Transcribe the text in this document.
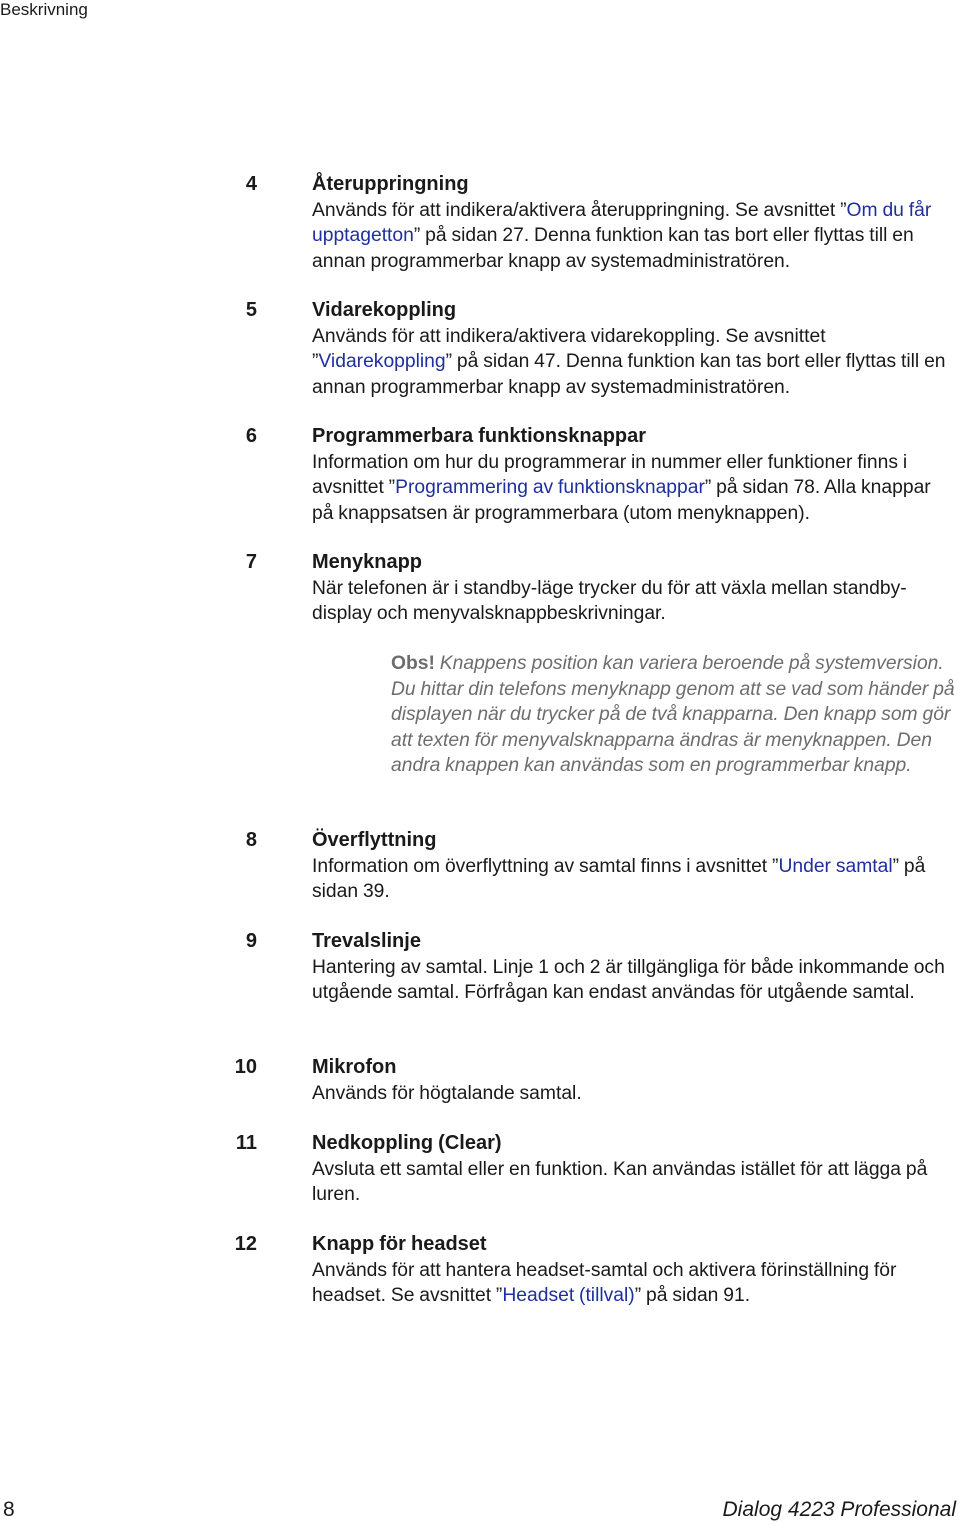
Beskrivning
4	Återuppringning
Används för att indikera/aktivera återuppringning. Se avsnittet ”Om du får upptagetton” på sidan 27. Denna funktion kan tas bort eller flyttas till en annan programmerbar knapp av systemadministratören.
5	Vidarekoppling
Används för att indikera/aktivera vidarekoppling. Se avsnittet ”Vidarekoppling” på sidan 47. Denna funktion kan tas bort eller flyttas till en annan programmerbar knapp av systemadministratören.
6	Programmerbara funktionsknappar
Information om hur du programmerar in nummer eller funktioner finns i avsnittet ”Programmering av funktionsknappar” på sidan 78. Alla knappar på knappsatsen är programmerbara (utom menyknappen).
7	Menyknapp
När telefonen är i standby-läge trycker du för att växla mellan standby-display och menyvalsknappbeskrivningar.
Obs! Knappens position kan variera beroende på systemversion. Du hittar din telefons menyknapp genom att se vad som händer på displayen när du trycker på de två knapparna. Den knapp som gör att texten för menyvalsknapparna ändras är menyknappen. Den andra knappen kan användas som en programmerbar knapp.
8	Överflyttning
Information om överflyttning av samtal finns i avsnittet ”Under samtal” på sidan 39.
9	Trevalslinje
Hantering av samtal. Linje 1 och 2 är tillgängliga för både inkommande och utgående samtal. Förfrågan kan endast användas för utgående samtal.
10	Mikrofon
Används för högtalande samtal.
11	Nedkoppling (Clear)
Avsluta ett samtal eller en funktion. Kan användas istället för att lägga på luren.
12	Knapp för headset
Används för att hantera headset-samtal och aktivera förinställning för headset. Se avsnittet ”Headset (tillval)” på sidan 91.
8	Dialog 4223 Professional
